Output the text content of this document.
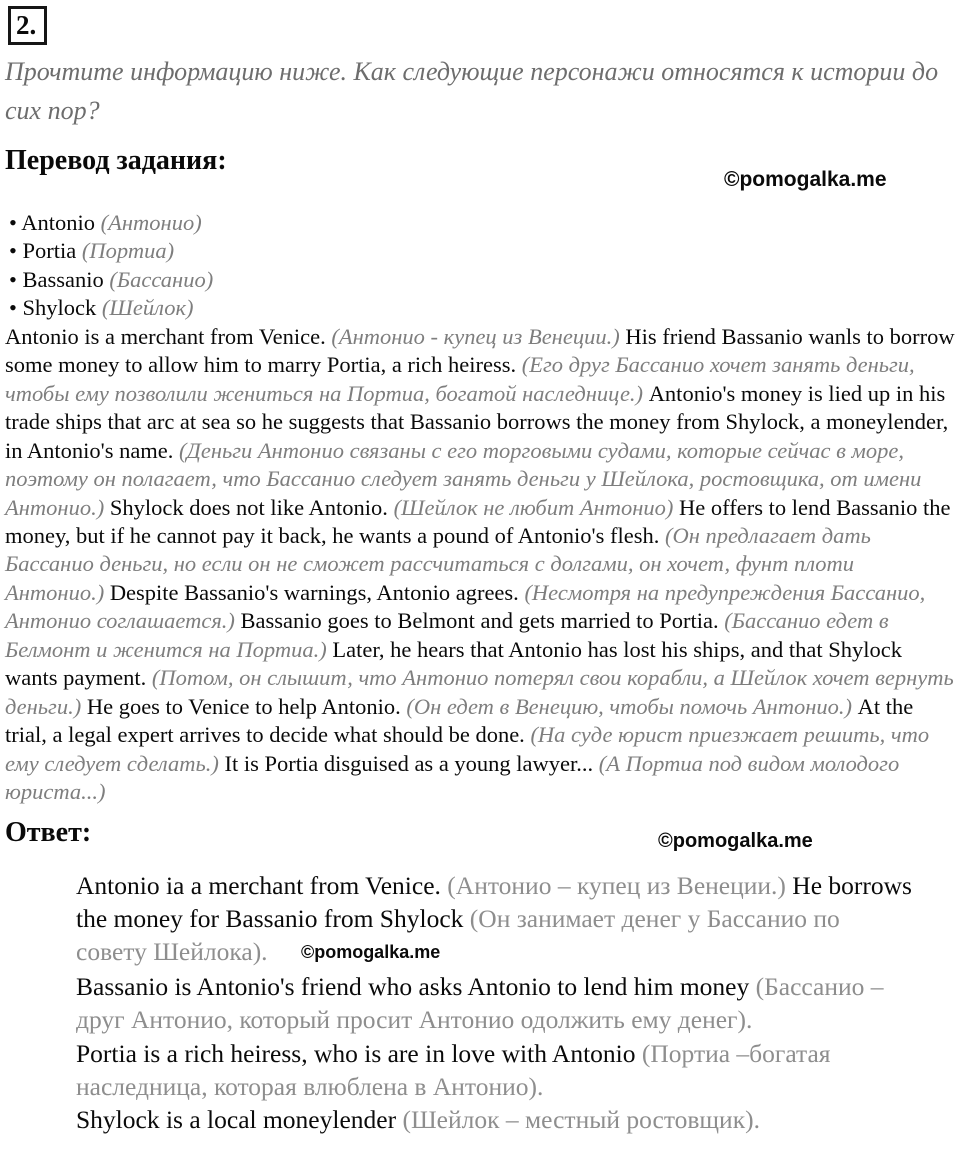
2.

Прочтите информацию ниже. Как следующие персонажи относятся к истории до сих пор?

Перевод задания:
©pomogalka.me
• Antonio (Антонио)
• Portia (Портиа)
• Bassanio (Бассанио)
• Shylock (Шейлок)

Antonio is a merchant from Venice. (Антонио - купец из Венеции.) His friend Bassanio wanls to borrow some money to allow him to marry Portia, a rich heiress. (Его друг Бассанио хочет занять деньги, чтобы ему позволили жениться на Портиа, богатой наследнице.) Antonio's money is lied up in his trade ships that arc at sea so he suggests that Bassanio borrows the money from Shylock, a moneylender, in Antonio's name. (Деньги Антонио связаны с его торговыми судами, которые сейчас в море, поэтому он полагает, что Бассанио следует занять деньги у Шейлока, ростовщика, от имени Антонио.) Shylock does not like Antonio. (Шейлок не любит Антонио) He offers to lend Bassanio the money, but if he cannot pay it back, he wants a pound of Antonio's flesh. (Он предлагает дать Бассанио деньги, но если он не сможет рассчитаться с долгами, он хочет, фунт плоти Антонио.) Despite Bassanio's warnings, Antonio agrees. (Несмотря на предупреждения Бассанио, Антонио соглашается.) Bassanio goes to Belmont and gets married to Portia. (Бассанио едет в Белмонт и женится на Портиа.) Later, he hears that Antonio has lost his ships, and that Shylock wants payment. (Потом, он слышит, что Антонио потерял свои корабли, а Шейлок хочет вернуть деньги.) He goes to Venice to help Antonio. (Он едет в Венецию, чтобы помочь Антонио.) At the trial, a legal expert arrives to decide what should be done. (На суде юрист приезжает решить, что ему следует сделать.) It is Portia disguised as a young lawyer... (А Портиа под видом молодого юриста...)

Ответ:	©pomogalka.me

Antonio ia a merchant from Venice. (Антонио – купец из Венеции.) He borrows the money for Bassanio from Shylock (Он занимает денег у Бассанио по совету Шейлока). ©pomogalka.me

Bassanio is Antonio's friend who asks Antonio to lend him money (Бассанио – друг Антонио, который просит Антонио одолжить ему денег).

Portia is a rich heiress, who is are in love with Antonio (Портиа –богатая наследница, которая влюблена в Антонио).

Shylock is a local moneylender (Шейлок – местный ростовщик).
